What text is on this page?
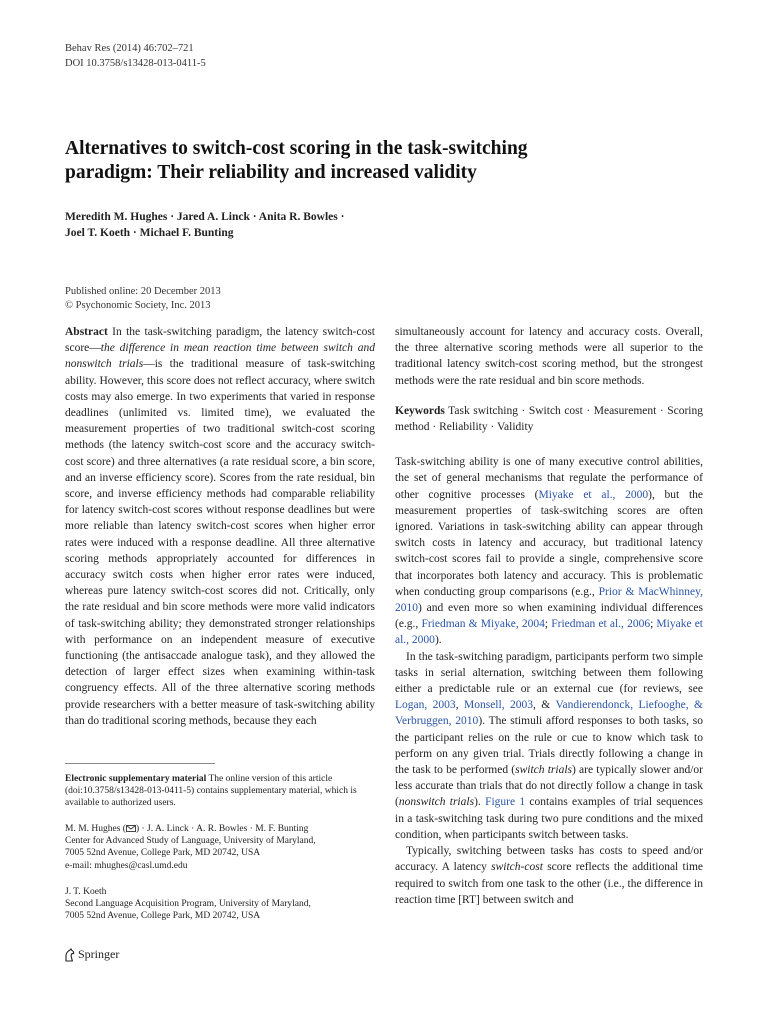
Behav Res (2014) 46:702–721
DOI 10.3758/s13428-013-0411-5
Alternatives to switch-cost scoring in the task-switching
paradigm: Their reliability and increased validity
Meredith M. Hughes · Jared A. Linck · Anita R. Bowles ·
Joel T. Koeth · Michael F. Bunting
Published online: 20 December 2013
© Psychonomic Society, Inc. 2013

Abstract In the task-switching paradigm, the latency switch-cost score—the difference in mean reaction time between switch and nonswitch trials—is the traditional measure of task-switching ability. However, this score does not reflect accuracy, where switch costs may also emerge. In two experiments that varied in response deadlines (unlimited vs. limited time), we evaluated the measurement properties of two traditional switch-cost scoring methods (the latency switch-cost score and the accuracy switch-cost score) and three alternatives (a rate residual score, a bin score, and an inverse efficiency score). Scores from the rate residual, bin score, and inverse efficiency methods had comparable reliability for latency switch-cost scores without response deadlines but were more reliable than latency switch-cost scores when higher error rates were induced with a response deadline. All three alternative scoring methods appropriately accounted for differences in accuracy switch costs when higher error rates were induced, whereas pure latency switch-cost scores did not. Critically, only the rate residual and bin score methods were more valid indicators of task-switching ability; they demonstrated stronger relationships with performance on an independent measure of executive functioning (the antisaccade analogue task), and they allowed the detection of larger effect sizes when examining within-task congruency effects. All of the three alternative scoring methods provide researchers with a better measure of task-switching ability than do traditional scoring methods, because they each

simultaneously account for latency and accuracy costs. Overall, the three alternative scoring methods were all superior to the traditional latency switch-cost scoring method, but the strongest methods were the rate residual and bin score methods.

Keywords Task switching · Switch cost · Measurement · Scoring method · Reliability · Validity

Task-switching ability is one of many executive control abilities, the set of general mechanisms that regulate the performance of other cognitive processes (Miyake et al., 2000), but the measurement properties of task-switching scores are often ignored. Variations in task-switching ability can appear through switch costs in latency and accuracy, but traditional latency switch-cost scores fail to provide a single, comprehensive score that incorporates both latency and accuracy. This is problematic when conducting group comparisons (e.g., Prior & MacWhinney, 2010) and even more so when examining individual differences (e.g., Friedman & Miyake, 2004; Friedman et al., 2006; Miyake et al., 2000).

In the task-switching paradigm, participants perform two simple tasks in serial alternation, switching between them following either a predictable rule or an external cue (for reviews, see Logan, 2003, Monsell, 2003, & Vandierendonck, Liefooghe, & Verbruggen, 2010). The stimuli afford responses to both tasks, so the participant relies on the rule or cue to know which task to perform on any given trial. Trials directly following a change in the task to be performed (switch trials) are typically slower and/or less accurate than trials that do not directly follow a change in task (nonswitch trials). Figure 1 contains examples of trial sequences in a task-switching task during two pure conditions and the mixed condition, when participants switch between tasks.

Typically, switching between tasks has costs to speed and/or accuracy. A latency switch-cost score reflects the additional time required to switch from one task to the other (i.e., the difference in reaction time [RT] between switch and

Electronic supplementary material The online version of this article (doi:10.3758/s13428-013-0411-5) contains supplementary material, which is available to authorized users.

M. M. Hughes ( ) · J. A. Linck · A. R. Bowles · M. F. Bunting

Center for Advanced Study of Language, University of Maryland,

7005 52nd Avenue, College Park, MD 20742, USA

e-mail: mhughes@casl.umd.edu

J. T. Koeth

Second Language Acquisition Program, University of Maryland,

7005 52nd Avenue, College Park, MD 20742, USA

Springer
